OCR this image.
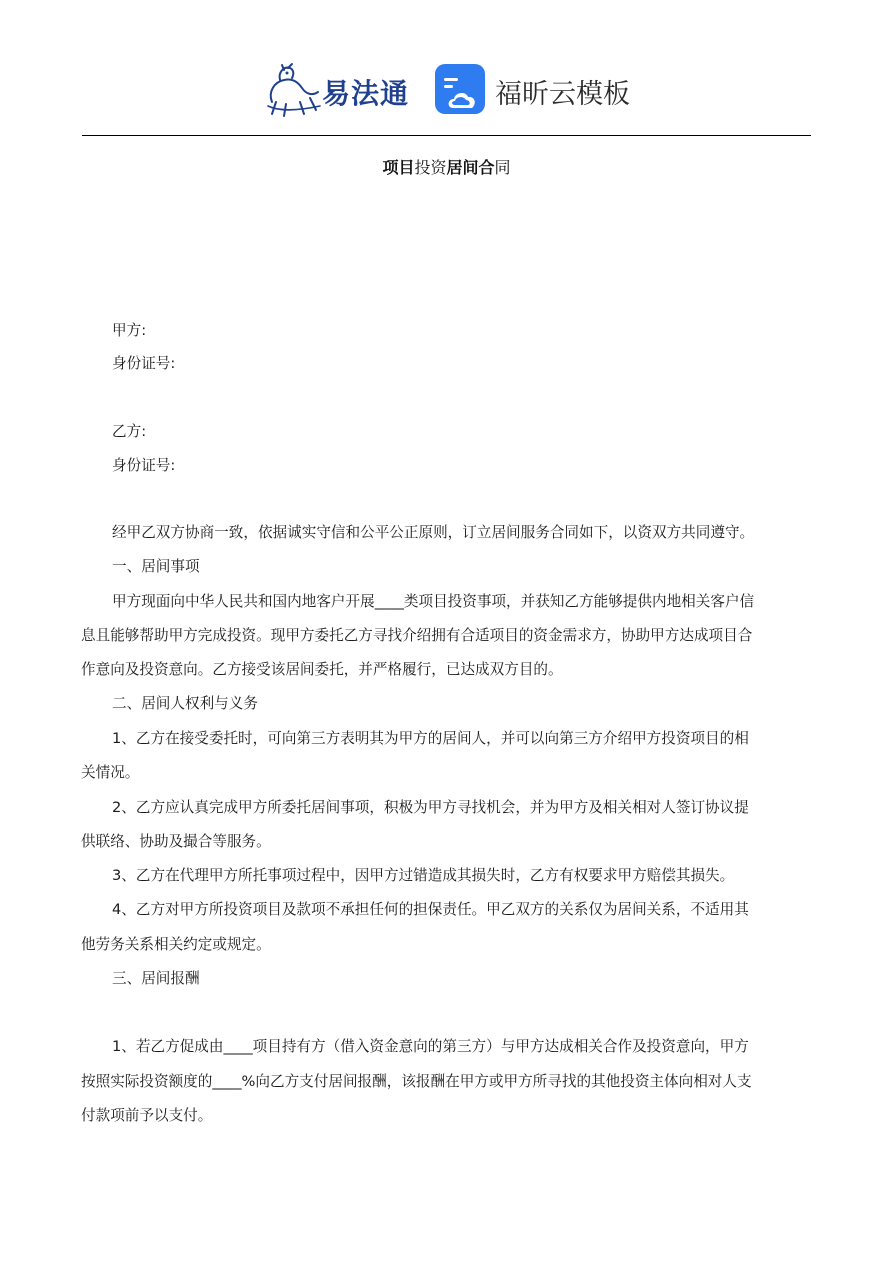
易法通	福昕云模板
项目投资居间合同
甲方:
身份证号:
乙方:
身份证号:
经甲乙双方协商一致，依据诚实守信和公平公正原则，订立居间服务合同如下，以资双方共同遵守。
一、居间事项
甲方现面向中华人民共和国内地客户开展____类项目投资事项，并获知乙方能够提供内地相关客户信
息且能够帮助甲方完成投资。现甲方委托乙方寻找介绍拥有合适项目的资金需求方，协助甲方达成项目合
作意向及投资意向。乙方接受该居间委托，并严格履行，已达成双方目的。
二、居间人权利与义务
1、乙方在接受委托时，可向第三方表明其为甲方的居间人，并可以向第三方介绍甲方投资项目的相
关情况。
2、乙方应认真完成甲方所委托居间事项，积极为甲方寻找机会，并为甲方及相关相对人签订协议提
供联络、协助及撮合等服务。
3、乙方在代理甲方所托事项过程中，因甲方过错造成其损失时，乙方有权要求甲方赔偿其损失。
4、乙方对甲方所投资项目及款项不承担任何的担保责任。甲乙双方的关系仅为居间关系，不适用其
他劳务关系相关约定或规定。
三、居间报酬
1、若乙方促成由____项目持有方（借入资金意向的第三方）与甲方达成相关合作及投资意向，甲方
按照实际投资额度的____%向乙方支付居间报酬，该报酬在甲方或甲方所寻找的其他投资主体向相对人支
付款项前予以支付。
